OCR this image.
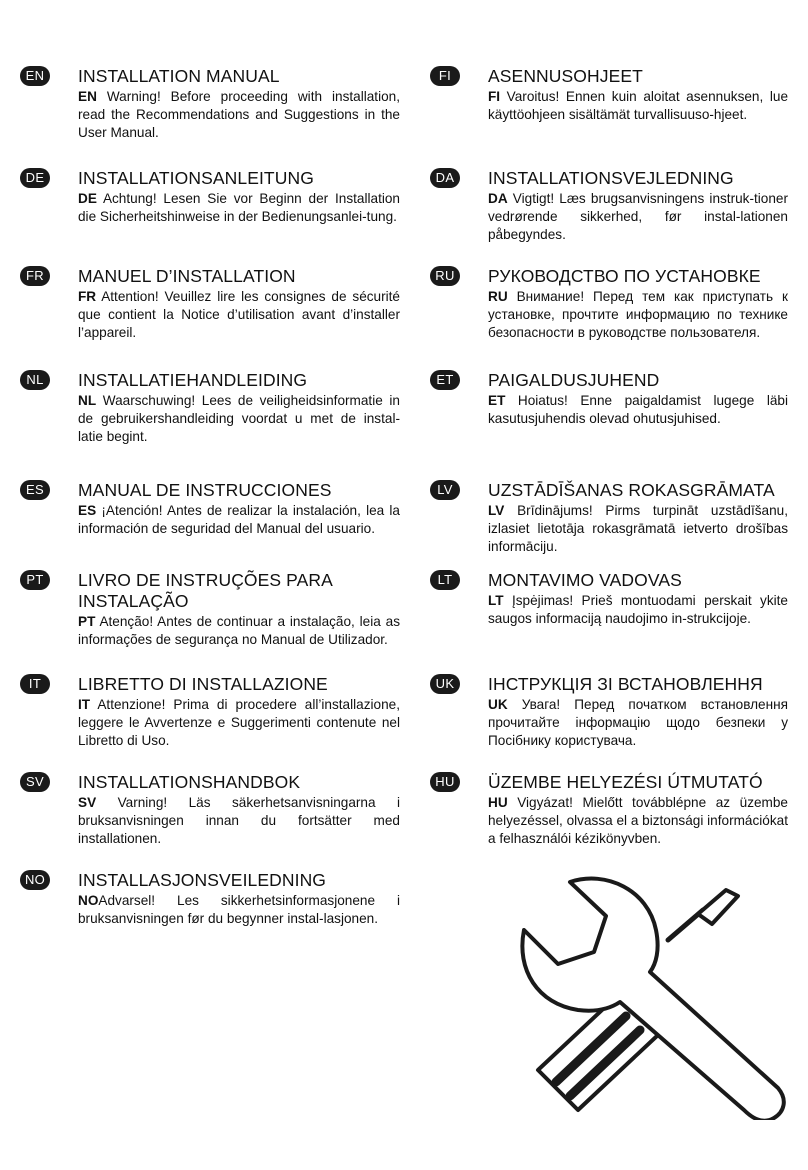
EN	INSTALLATION MANUAL
EN Warning! Before proceeding with installation, read the Recommendations and Suggestions in the User Manual.
DE	INSTALLATIONSANLEITUNG
DE Achtung! Lesen Sie vor Beginn der Installation die Sicherheitshinweise in der Bedienungsanlei-tung.
FR	MANUEL D’INSTALLATION
FR Attention! Veuillez lire les consignes de sécurité que contient la Notice d’utilisation avant d’installer l’appareil.
NL	INSTALLATIEHANDLEIDING
NL Waarschuwing! Lees de veiligheidsinformatie in de gebruikershandleiding voordat u met de instal-latie begint.
ES	MANUAL DE INSTRUCCIONES
ES ¡Atención! Antes de realizar la instalación, lea la información de seguridad del Manual del usuario.
PT	LIVRO DE INSTRUÇÕES PARA INSTALAÇÃO
PT Atenção! Antes de continuar a instalação, leia as informações de segurança no Manual de Utilizador.
IT	LIBRETTO DI INSTALLAZIONE
IT Attenzione! Prima di procedere all’installazione, leggere le Avvertenze e Suggerimenti contenute nel Libretto di Uso.
SV	INSTALLATIONSHANDBOK
SV Varning! Läs säkerhetsanvisningarna i bruksanvisningen innan du fortsätter med installationen.
NO INSTALLASJONSVEILEDNING
NOAdvarsel! Les sikkerhetsinformasjonene i bruksanvisningen før du begynner instal-lasjonen.
FI	ASENNUSOHJEET
FI Varoitus! Ennen kuin aloitat asennuksen, lue käyttöohjeen sisältämät turvallisuuso-hjeet.
DA	INSTALLATIONSVEJLEDNING
DA Vigtigt! Læs brugsanvisningens instruk-tioner vedrørende sikkerhed, før instal-lationen påbegyndes.
RU	РУКОВОДСТВО ПО УСТАНОВКЕ
RU Внимание! Перед тем как приступать к установке, прочтите информацию по технике безопасности в руководстве пользователя.
ET	PAIGALDUSJUHEND
ET Hoiatus! Enne paigaldamist lugege läbi kasutusjuhendis olevad ohutusjuhised.
LV	UZSTĀDĪŠANAS ROKASGRĀMATA
LV Brīdinājums! Pirms turpināt uzstādīšanu, izlasiet lietotāja rokasgrāmatā ietverto drošības informāciju.
LT	MONTAVIMO VADOVAS
LT Įspėjimas! Prieš montuodami perskait ykite saugos informaciją naudojimo in-strukcijoje.
UK	ІНСТРУКЦІЯ ЗІ ВСТАНОВЛЕННЯ
UK Увага! Перед початком встановлення прочитайте інформацію щодо безпеки у Посібнику користувача.
HU	ÜZEMBE HELYEZÉSI ÚTMUTATÓ
HU Vigyázat! Mielőtt továbblépne az üzembe helyezéssel, olvassa el a biztonsági információkat a felhasználói kézikönyvben.
